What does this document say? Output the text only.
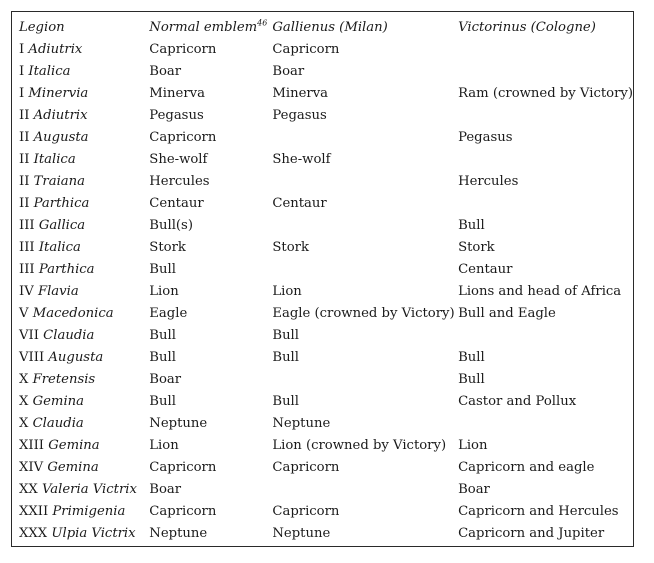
Legion	Normal emblem$^{46}$	Gallienus (Milan)	Victorinus (Cologne)
I Adiutrix	Capricorn	Capricorn	
I Italica	Boar	Boar	
I Minervia	Minerva	Minerva	Ram (crowned by Victory)
II Adiutrix	Pegasus	Pegasus	
II Augusta	Capricorn		Pegasus
II Italica	She-wolf	She-wolf	
II Traiana	Hercules		Hercules
II Parthica	Centaur	Centaur	
III Gallica	Bull(s)		Bull
III Italica	Stork	Stork	Stork
III Parthica	Bull		Centaur
IV Flavia	Lion	Lion	Lions and head of Africa
V Macedonica	Eagle	Eagle (crowned by Victory)	Bull and Eagle
VII Claudia	Bull	Bull	
VIII Augusta	Bull	Bull	Bull
X Fretensis	Boar		Bull
X Gemina	Bull	Bull	Castor and Pollux
X Claudia	Neptune	Neptune	
XIII Gemina	Lion	Lion (crowned by Victory)	Lion
XIV Gemina	Capricorn	Capricorn	Capricorn and eagle
XX Valeria Victrix	Boar		Boar
XXII Primigenia	Capricorn	Capricorn	Capricorn and Hercules
XXX Ulpia Victrix	Neptune	Neptune	Capricorn and Jupiter
